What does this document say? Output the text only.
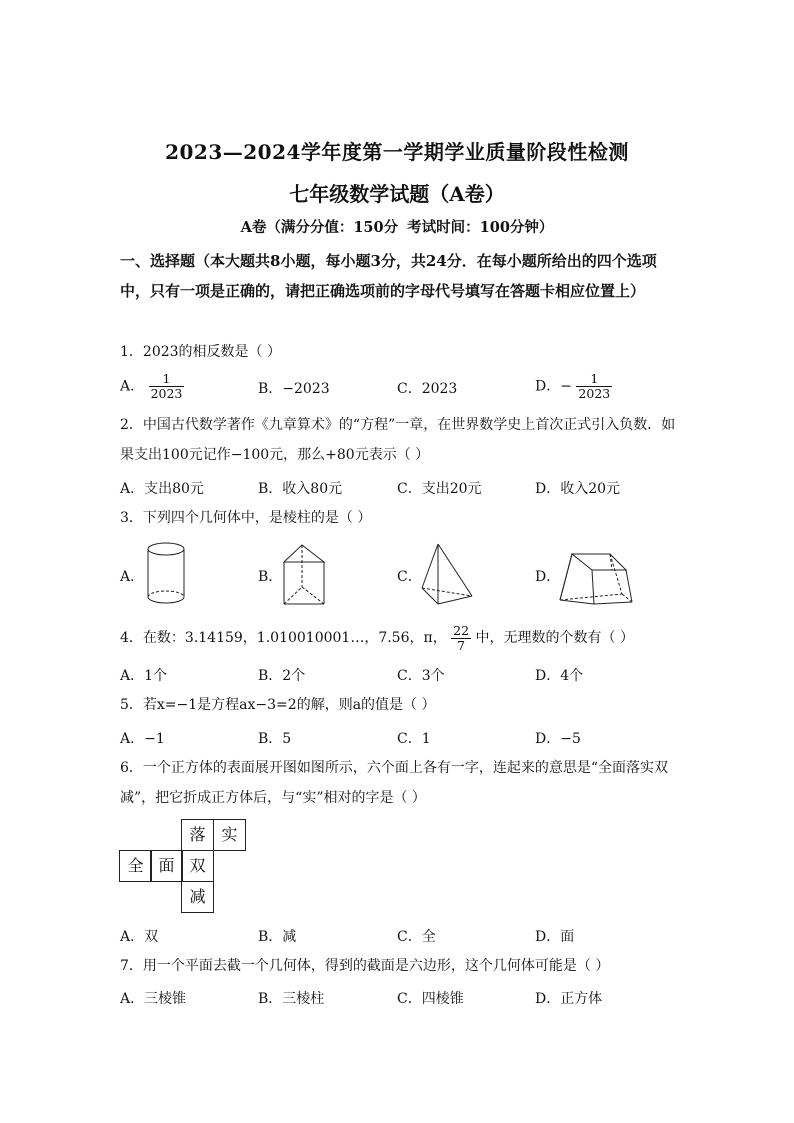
2023—2024学年度第一学期学业质量阶段性检测
七年级数学试题（A卷）
A卷（满分分值：150分 考试时间：100分钟）
一、选择题（本大题共8小题，每小题3分，共24分．在每小题所给出的四个选项中，只有一项是正确的，请把正确选项前的字母代号填写在答题卡相应位置上）
1．2023的相反数是（ ）
A． $\frac{1}{2023}$	B．−2023	C．2023	D．− $\frac{1}{2023}$
2．中国古代数学著作《九章算术》的“方程”一章，在世界数学史上首次正式引入负数．如果支出100元记作−100元，那么+80元表示（ ）
A．支出80元	B．收入80元	C．支出20元	D．收入20元
3．下列四个几何体中，是棱柱的是（ ）
A．	B．	C．	D．
4．在数：3.14159，1.010010001…，7.56，π， $\frac{22}{7}$ 中，无理数的个数有（ ）
A．1个	B．2个	C．3个	D．4个
5．若x=−1是方程ax−3=2的解，则a的值是（ ）
A．−1	B．5	C．1	D．−5
6．一个正方体的表面展开图如图所示，六个面上各有一字，连起来的意思是“全面落实双减”，把它折成正方体后，与“实”相对的字是（ ）
落 实
全 面 双
减
A．双	B．减	C．全	D．面
7．用一个平面去截一个几何体，得到的截面是六边形，这个几何体可能是（ ）
A．三棱锥	B．三棱柱	C．四棱锥	D．正方体
